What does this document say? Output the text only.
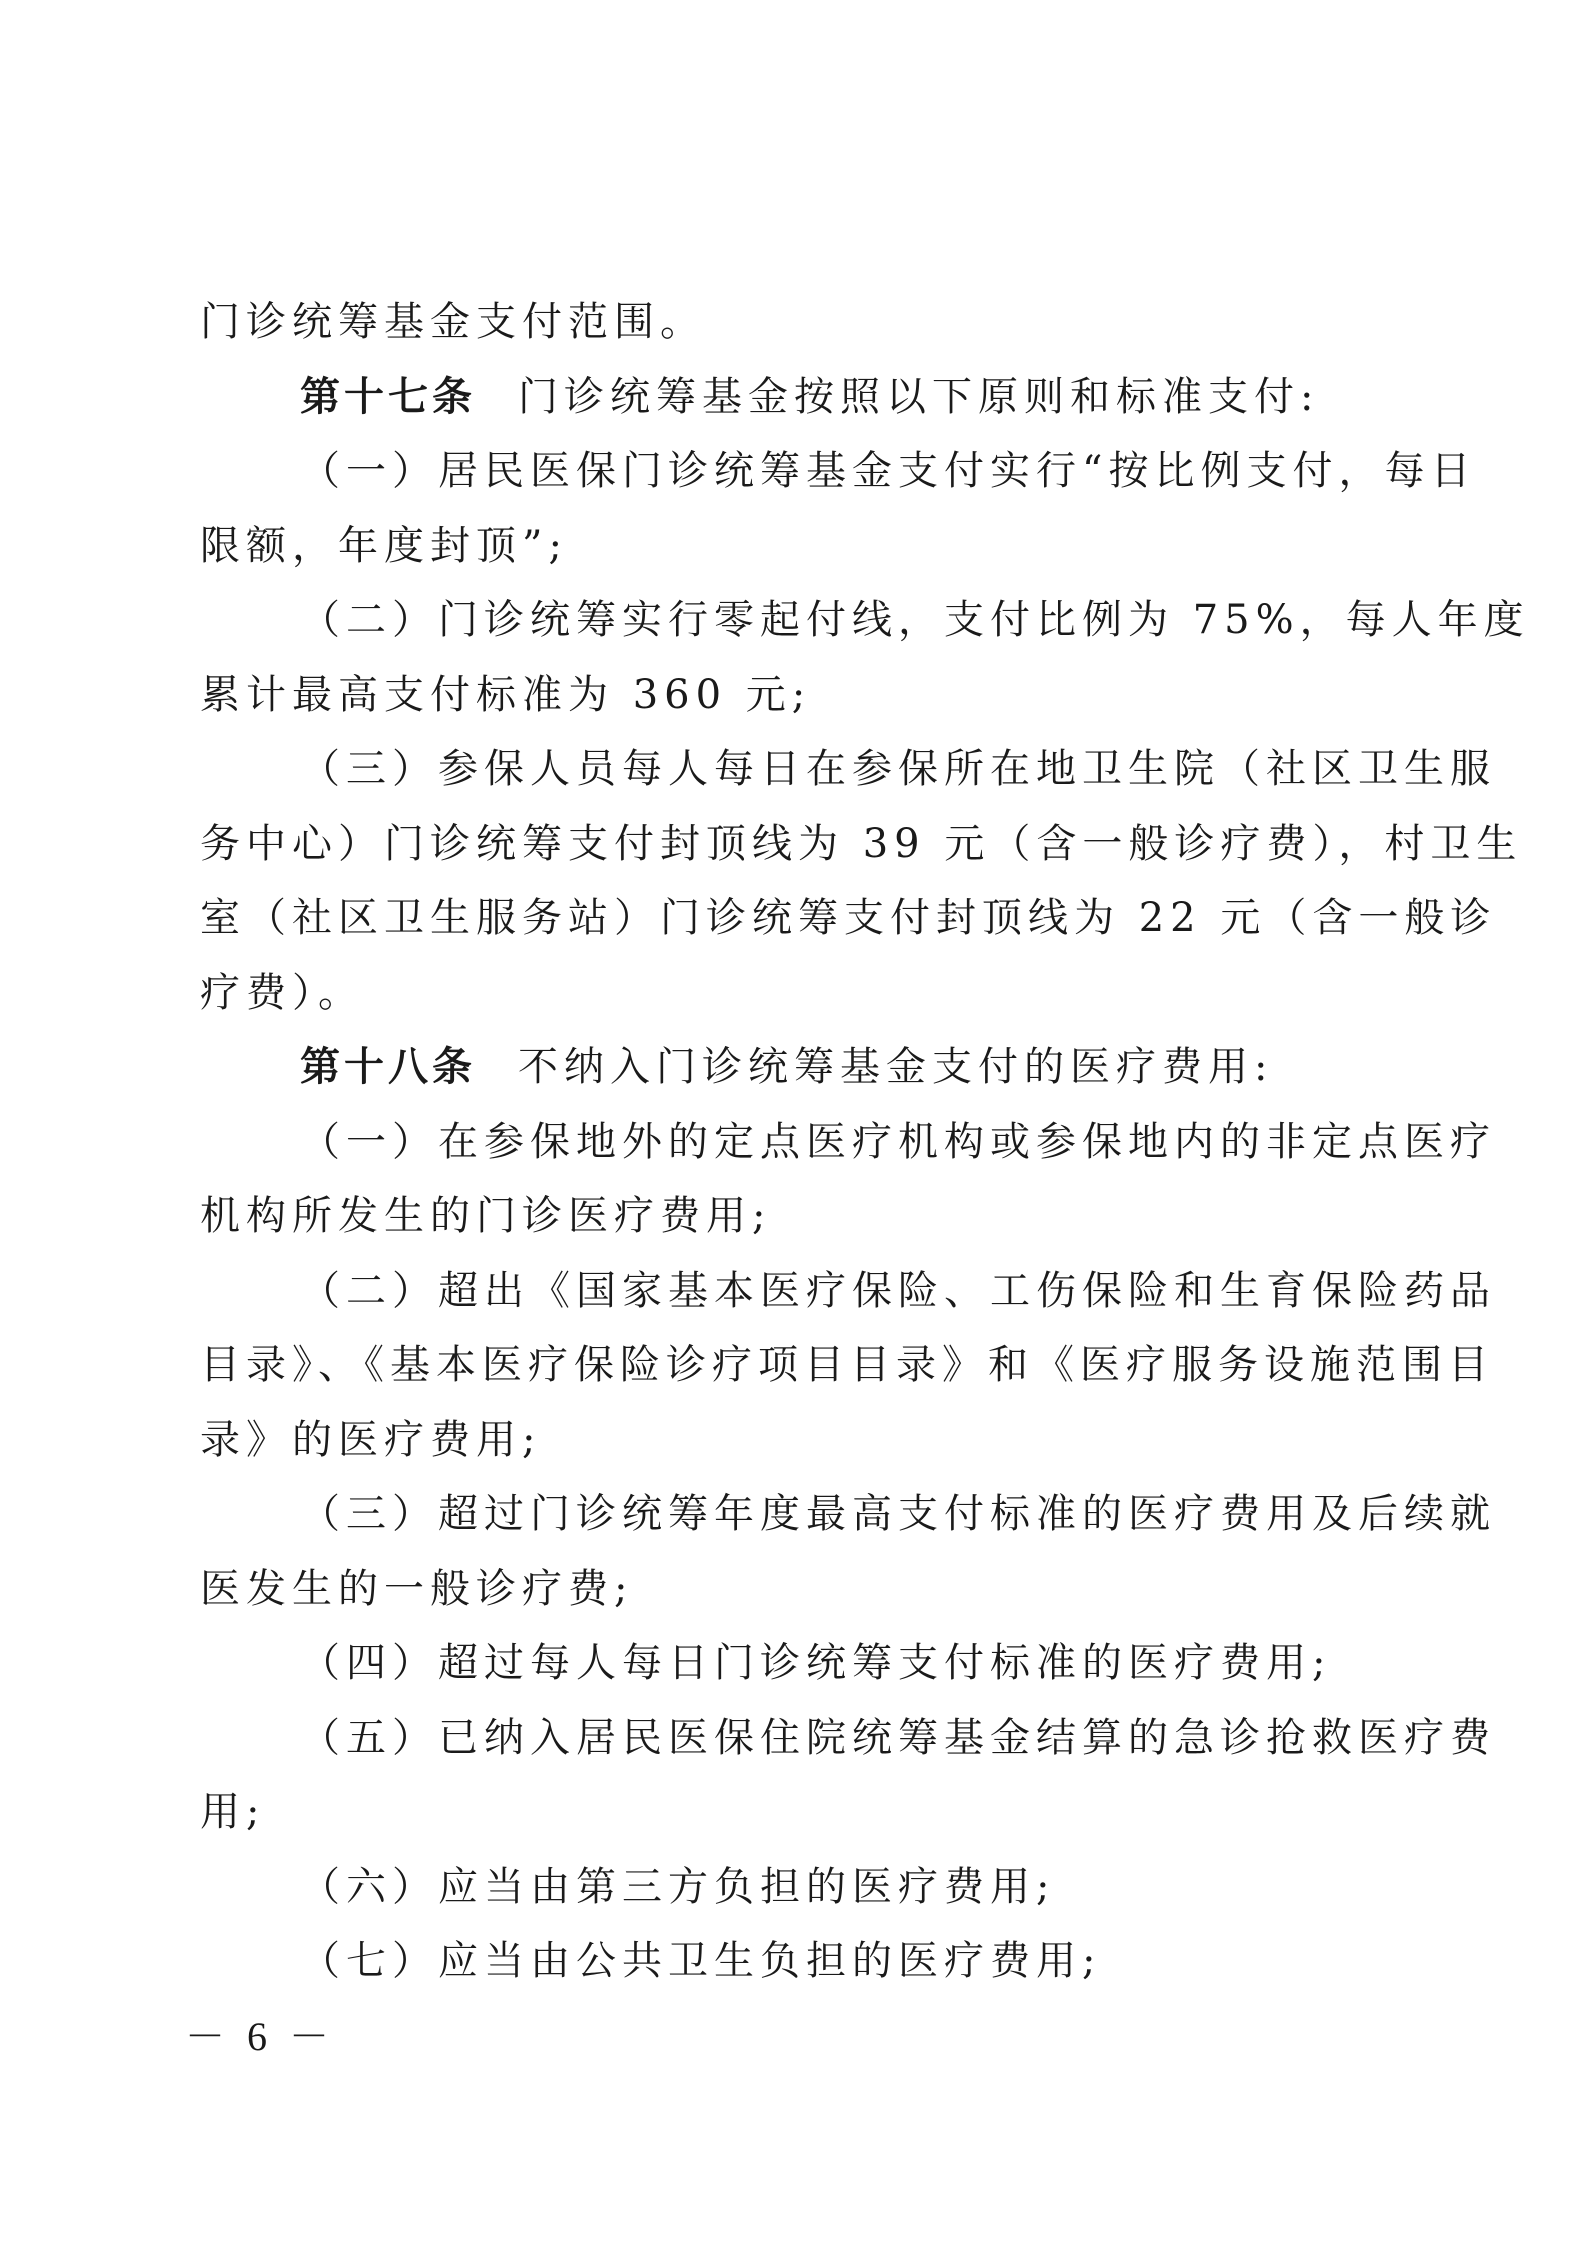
门诊统筹基金支付范围。
第十七条 门诊统筹基金按照以下原则和标准支付:
（一）居民医保门诊统筹基金支付实行“按比例支付，每日
限额，年度封顶”;
（二）门诊统筹实行零起付线，支付比例为 75%，每人年度
累计最高支付标准为 360 元;
（三）参保人员每人每日在参保所在地卫生院（社区卫生服
务中心）门诊统筹支付封顶线为 39 元（含一般诊疗费），村卫生
室（社区卫生服务站）门诊统筹支付封顶线为 22 元（含一般诊
疗费）。
第十八条 不纳入门诊统筹基金支付的医疗费用:
（一）在参保地外的定点医疗机构或参保地内的非定点医疗
机构所发生的门诊医疗费用;
（二）超出《国家基本医疗保险、工伤保险和生育保险药品
目录》、《基本医疗保险诊疗项目目录》和《医疗服务设施范围目
录》的医疗费用;
（三）超过门诊统筹年度最高支付标准的医疗费用及后续就
医发生的一般诊疗费;
（四）超过每人每日门诊统筹支付标准的医疗费用;
（五）已纳入居民医保住院统筹基金结算的急诊抢救医疗费
用;
（六）应当由第三方负担的医疗费用;
（七）应当由公共卫生负担的医疗费用;
－ 6 －
